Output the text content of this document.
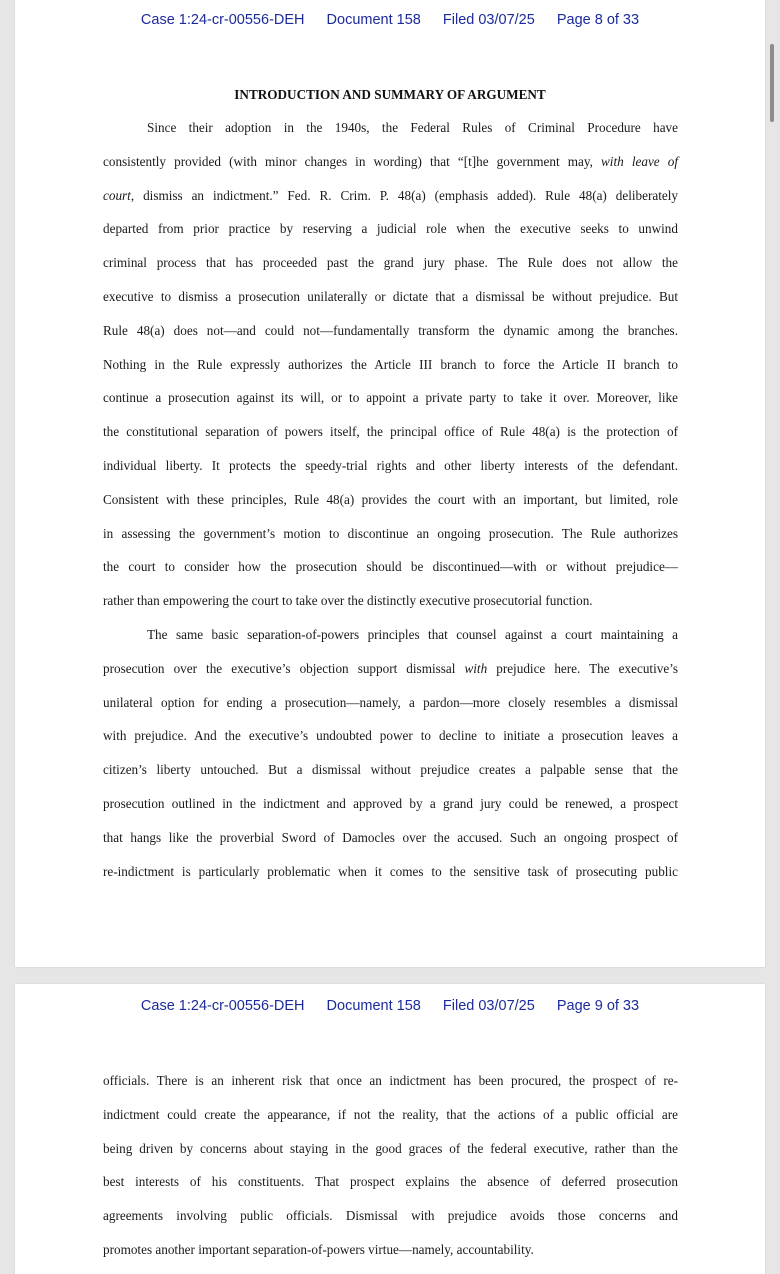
Case 1:24-cr-00556-DEH Document 158 Filed 03/07/25 Page 8 of 33
INTRODUCTION AND SUMMARY OF ARGUMENT
Since their adoption in the 1940s, the Federal Rules of Criminal Procedure have
consistently provided (with minor changes in wording) that “[t]he government may, with leave of
court, dismiss an indictment.” Fed. R. Crim. P. 48(a) (emphasis added). Rule 48(a) deliberately
departed from prior practice by reserving a judicial role when the executive seeks to unwind
criminal process that has proceeded past the grand jury phase. The Rule does not allow the
executive to dismiss a prosecution unilaterally or dictate that a dismissal be without prejudice. But
Rule 48(a) does not—and could not—fundamentally transform the dynamic among the branches.
Nothing in the Rule expressly authorizes the Article III branch to force the Article II branch to
continue a prosecution against its will, or to appoint a private party to take it over. Moreover, like
the constitutional separation of powers itself, the principal office of Rule 48(a) is the protection of
individual liberty. It protects the speedy-trial rights and other liberty interests of the defendant.
Consistent with these principles, Rule 48(a) provides the court with an important, but limited, role
in assessing the government’s motion to discontinue an ongoing prosecution. The Rule authorizes
the court to consider how the prosecution should be discontinued—with or without prejudice—
rather than empowering the court to take over the distinctly executive prosecutorial function.
The same basic separation-of-powers principles that counsel against a court maintaining a
prosecution over the executive’s objection support dismissal with prejudice here. The executive’s
unilateral option for ending a prosecution—namely, a pardon—more closely resembles a dismissal
with prejudice. And the executive’s undoubted power to decline to initiate a prosecution leaves a
citizen’s liberty untouched. But a dismissal without prejudice creates a palpable sense that the
prosecution outlined in the indictment and approved by a grand jury could be renewed, a prospect
that hangs like the proverbial Sword of Damocles over the accused. Such an ongoing prospect of
re-indictment is particularly problematic when it comes to the sensitive task of prosecuting public
Case 1:24-cr-00556-DEH Document 158 Filed 03/07/25 Page 9 of 33
officials. There is an inherent risk that once an indictment has been procured, the prospect of re-
indictment could create the appearance, if not the reality, that the actions of a public official are
being driven by concerns about staying in the good graces of the federal executive, rather than the
best interests of his constituents. That prospect explains the absence of deferred prosecution
agreements involving public officials. Dismissal with prejudice avoids those concerns and
promotes another important separation-of-powers virtue—namely, accountability.
